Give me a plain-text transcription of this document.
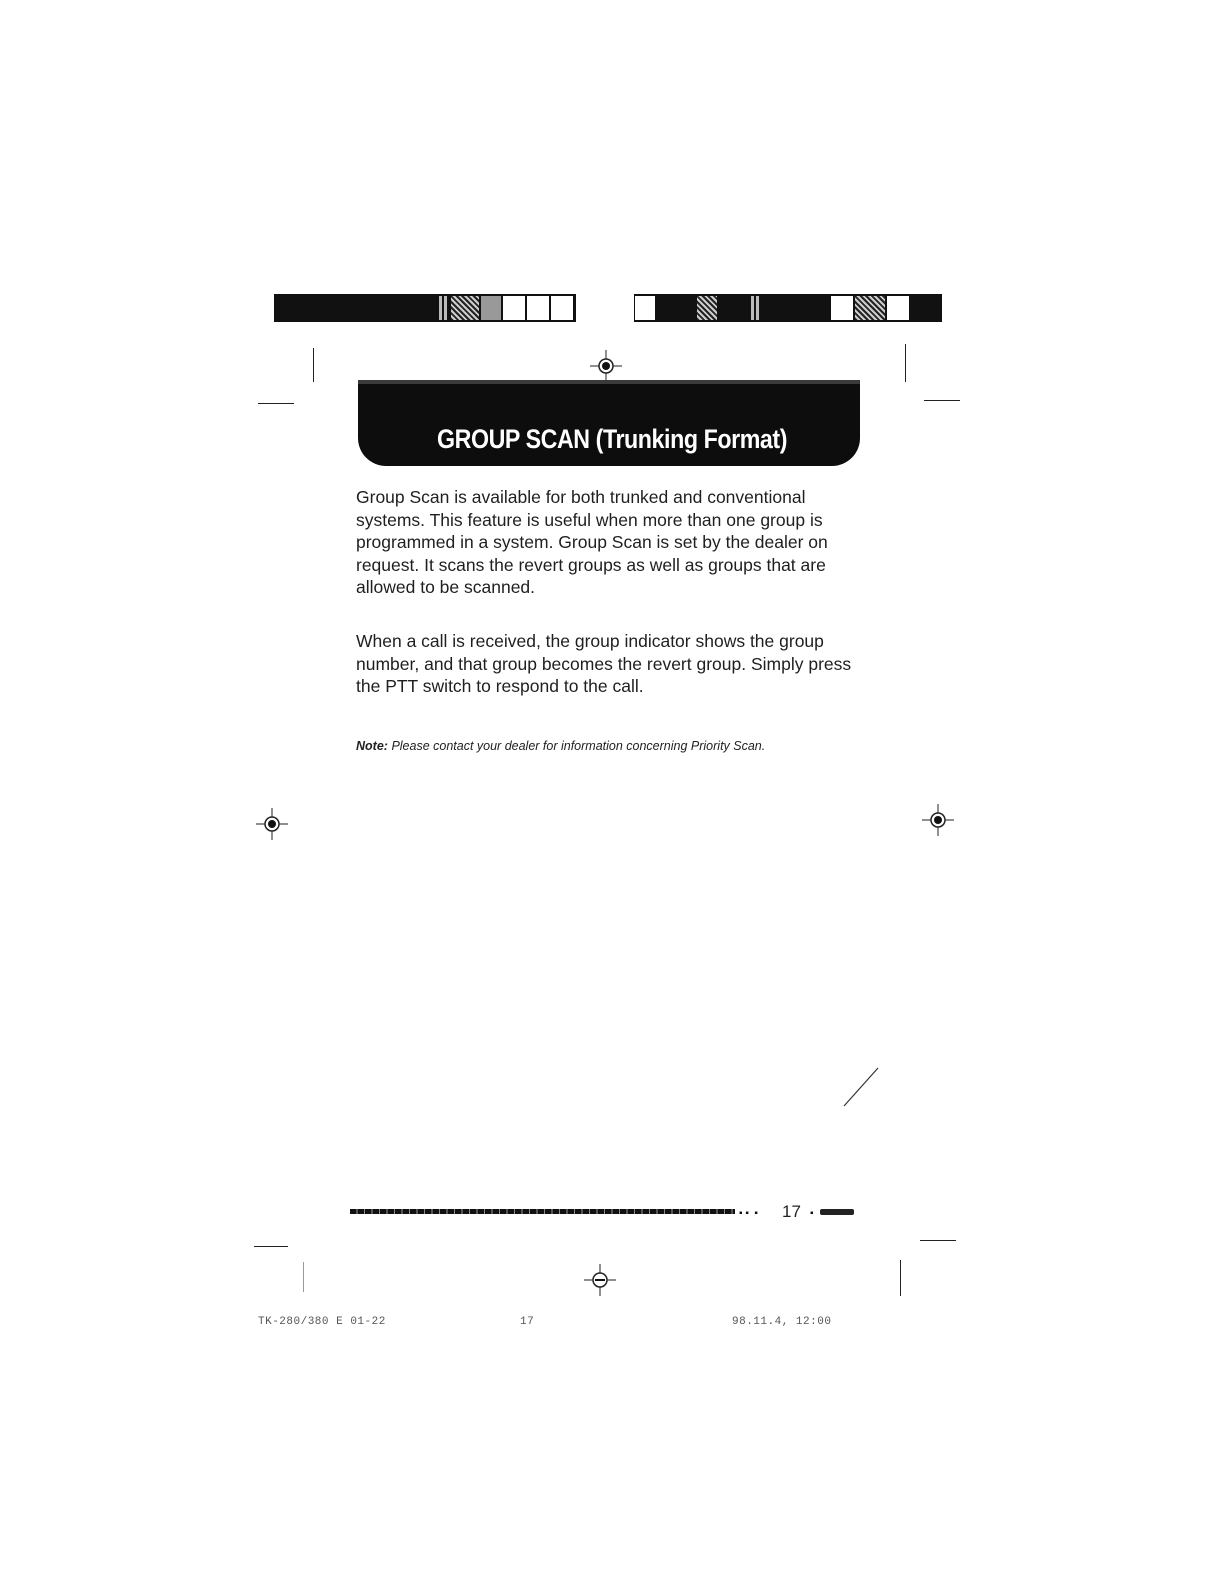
GROUP SCAN (Trunking Format)

Group Scan is available for both trunked and conventional systems. This feature is useful when more than one group is programmed in a system. Group Scan is set by the dealer on request. It scans the revert groups as well as groups that are allowed to be scanned.

When a call is received, the group indicator shows the group number, and that group becomes the revert group. Simply press the PTT switch to respond to the call.

Note: Please contact your dealer for information concerning Priority Scan.

▪ ▪  ▪ 17 ▪
TK-280/380 E 01-22	17	98.11.4, 12:00
